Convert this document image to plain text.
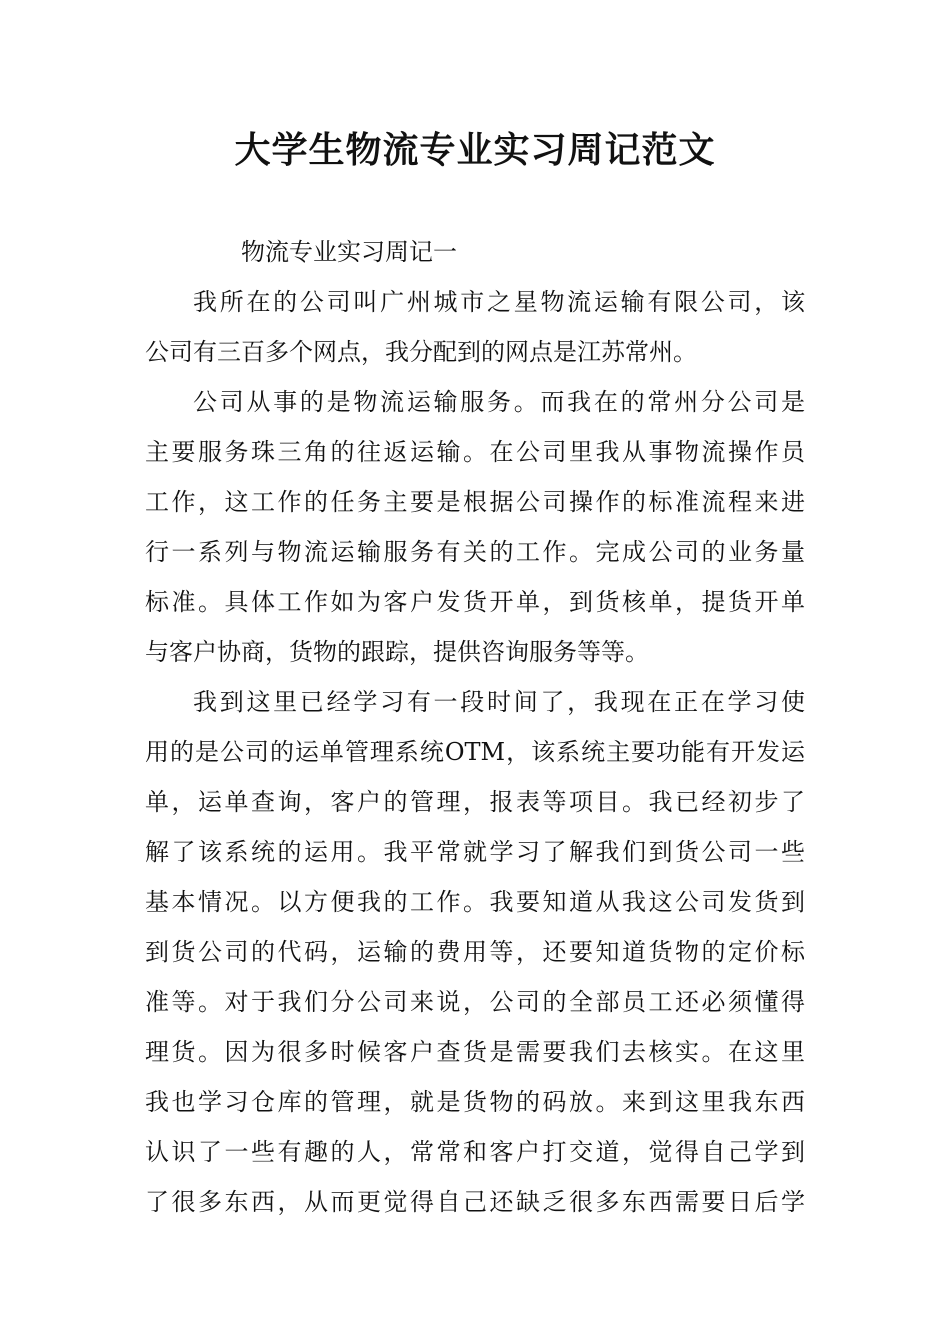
大学生物流专业实习周记范文
物流专业实习周记一
我所在的公司叫广州城市之星物流运输有限公司，该
公司有三百多个网点，我分配到的网点是江苏常州。
公司从事的是物流运输服务。而我在的常州分公司是
主要服务珠三角的往返运输。在公司里我从事物流操作员
工作，这工作的任务主要是根据公司操作的标准流程来进
行一系列与物流运输服务有关的工作。完成公司的业务量
标准。具体工作如为客户发货开单，到货核单，提货开单
与客户协商，货物的跟踪，提供咨询服务等等。
我到这里已经学习有一段时间了，我现在正在学习使
用的是公司的运单管理系统OTM，该系统主要功能有开发运
单，运单查询，客户的管理，报表等项目。我已经初步了
解了该系统的运用。我平常就学习了解我们到货公司一些
基本情况。以方便我的工作。我要知道从我这公司发货到
到货公司的代码，运输的费用等，还要知道货物的定价标
准等。对于我们分公司来说，公司的全部员工还必须懂得
理货。因为很多时候客户查货是需要我们去核实。在这里
我也学习仓库的管理，就是货物的码放。来到这里我东西
认识了一些有趣的人，常常和客户打交道，觉得自己学到
了很多东西，从而更觉得自己还缺乏很多东西需要日后学
